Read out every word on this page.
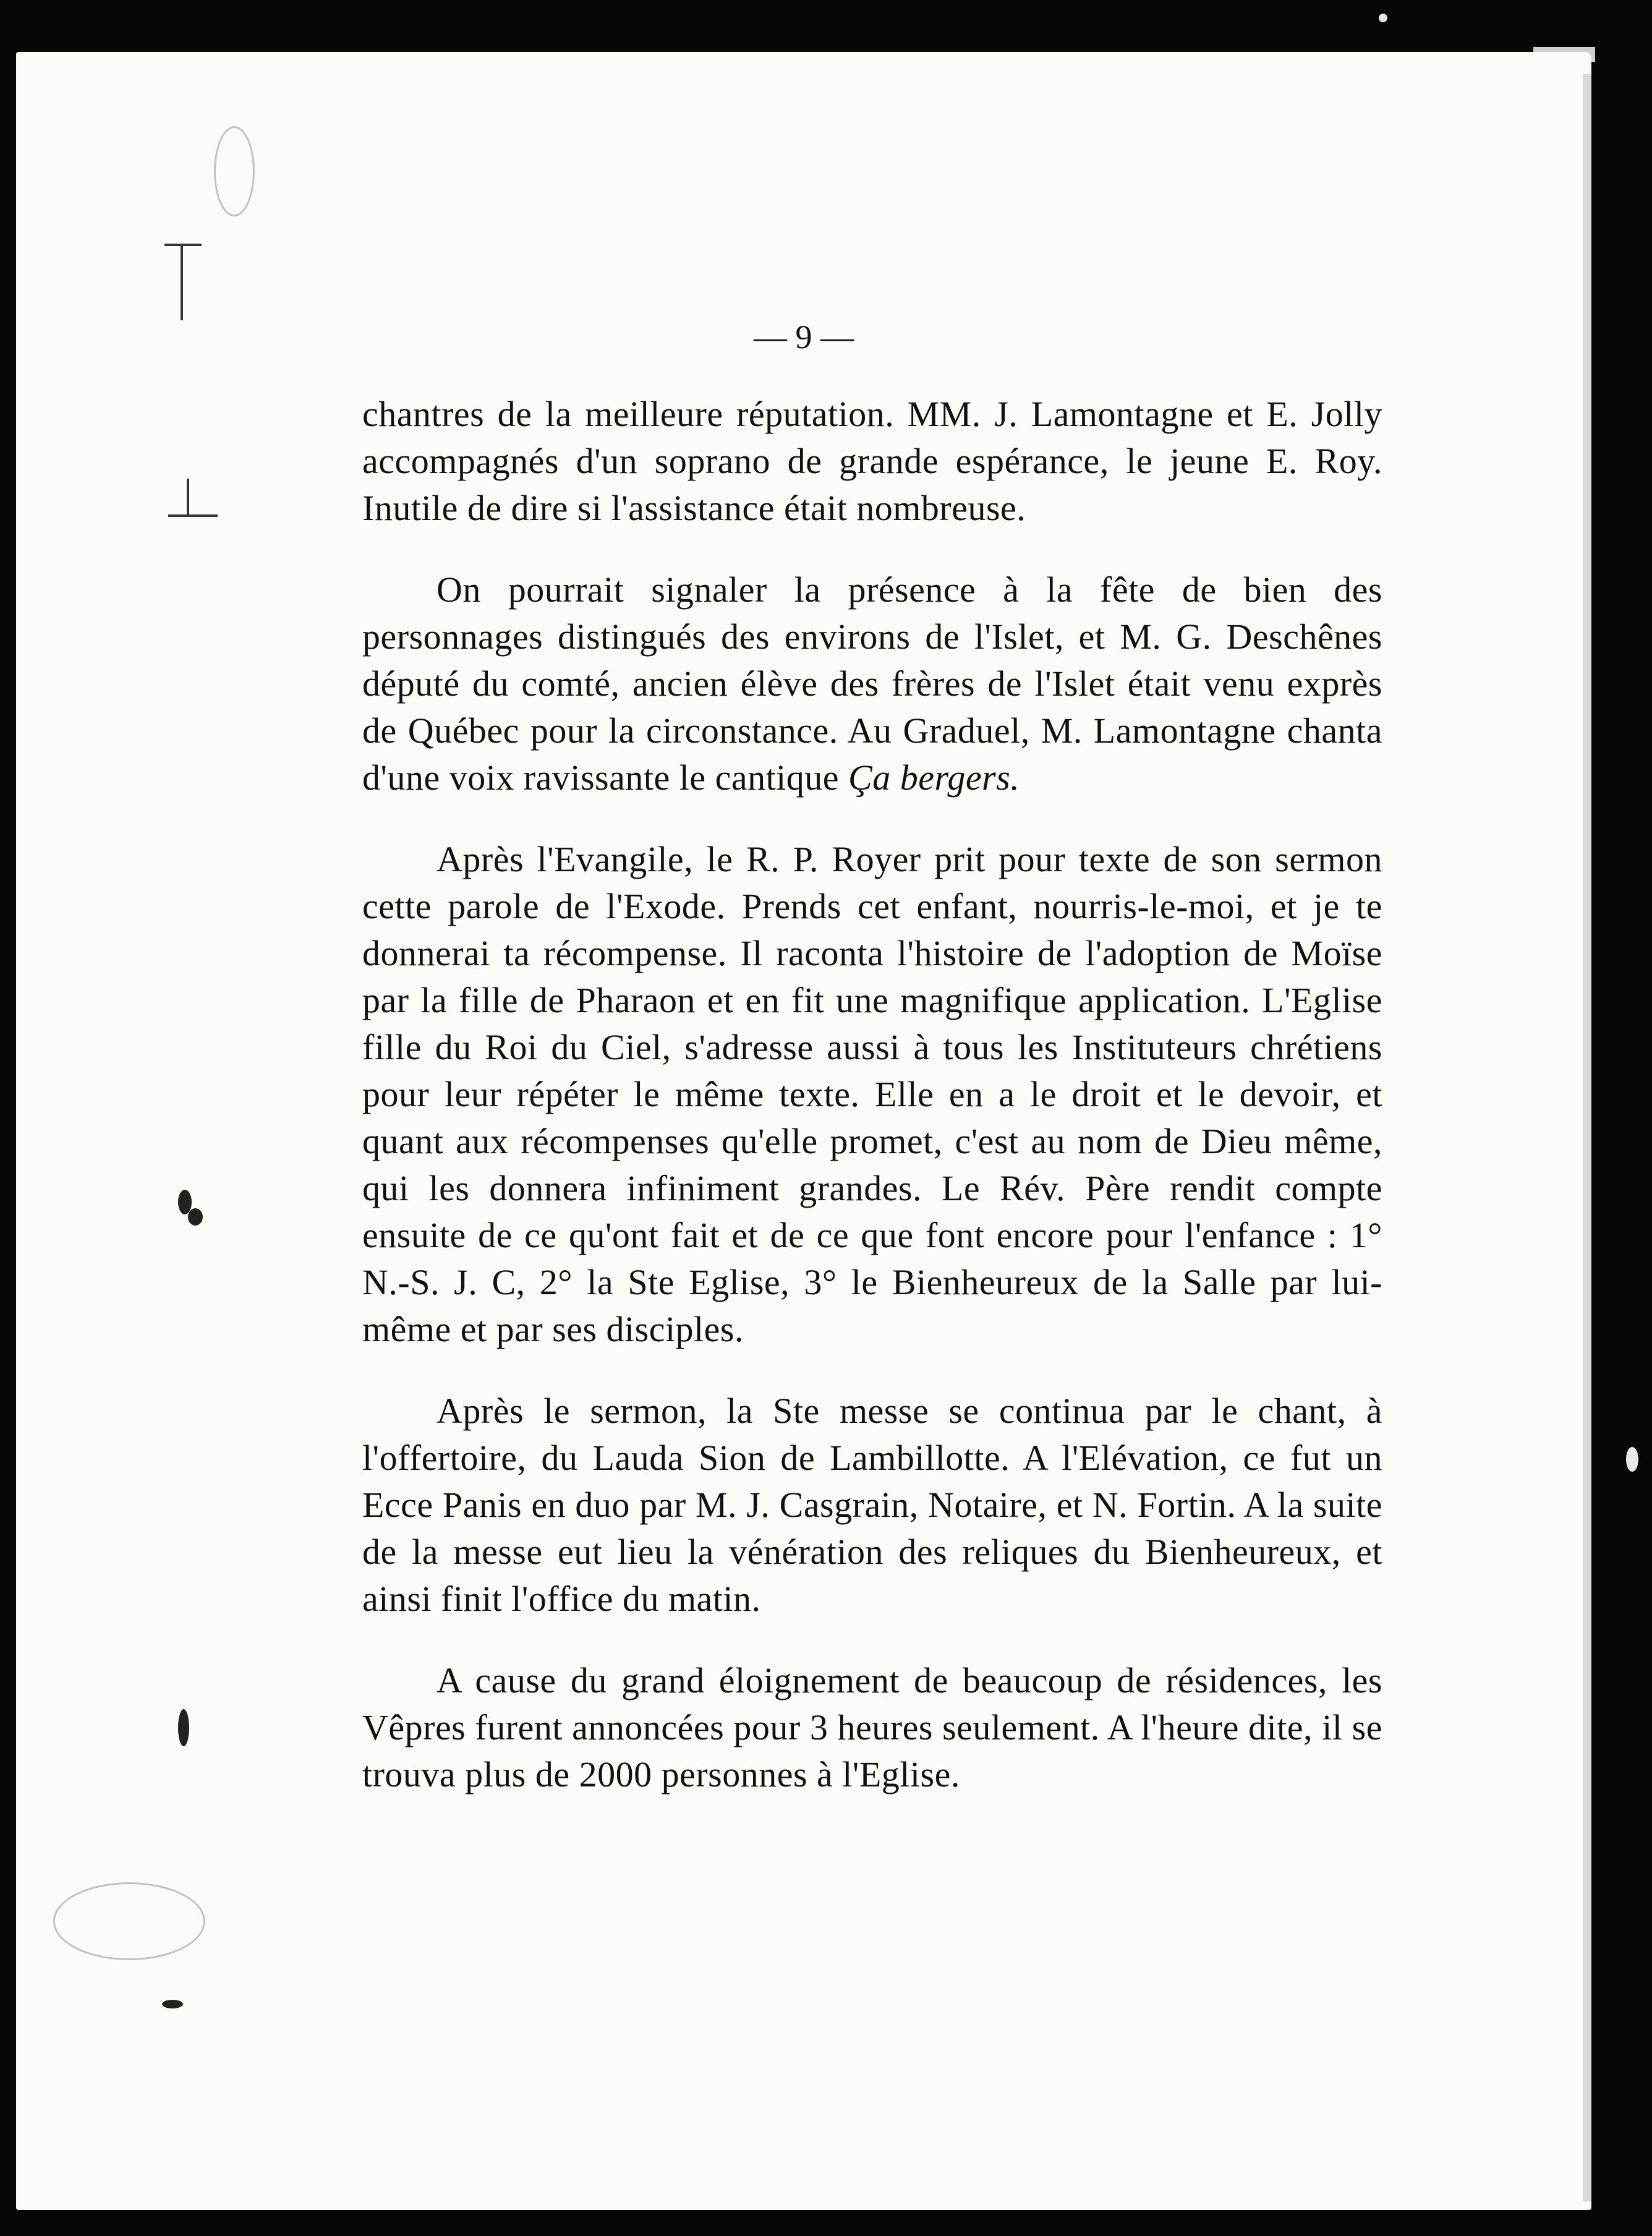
— 9 —

chantres de la meilleure réputation. MM. J. Lamontagne et E. Jolly accompagnés d'un soprano de grande espérance, le jeune E. Roy. Inutile de dire si l'assistance était nombreuse.

On pourrait signaler la présence à la fête de bien des personnages distingués des environs de l'Islet, et M. G. Deschênes député du comté, ancien élève des frères de l'Islet était venu exprès de Québec pour la circonstance. Au Graduel, M. Lamontagne chanta d'une voix ravissante le cantique Ça bergers.

Après l'Evangile, le R. P. Royer prit pour texte de son sermon cette parole de l'Exode. Prends cet enfant, nourris-le-moi, et je te donnerai ta récompense. Il raconta l'histoire de l'adoption de Moïse par la fille de Pharaon et en fit une magnifique application. L'Eglise fille du Roi du Ciel, s'adresse aussi à tous les Instituteurs chrétiens pour leur répéter le même texte. Elle en a le droit et le devoir, et quant aux récompenses qu'elle promet, c'est au nom de Dieu même, qui les donnera infiniment grandes. Le Rév. Père rendit compte ensuite de ce qu'ont fait et de ce que font encore pour l'enfance : 1° N.-S. J. C, 2° la Ste Eglise, 3° le Bienheureux de la Salle par lui-même et par ses disciples.

Après le sermon, la Ste messe se continua par le chant, à l'offertoire, du Lauda Sion de Lambillotte. A l'Elévation, ce fut un Ecce Panis en duo par M. J. Casgrain, Notaire, et N. Fortin. A la suite de la messe eut lieu la vénération des reliques du Bienheureux, et ainsi finit l'office du matin.

A cause du grand éloignement de beaucoup de résidences, les Vêpres furent annoncées pour 3 heures seulement. A l'heure dite, il se trouva plus de 2000 personnes à l'Eglise.
